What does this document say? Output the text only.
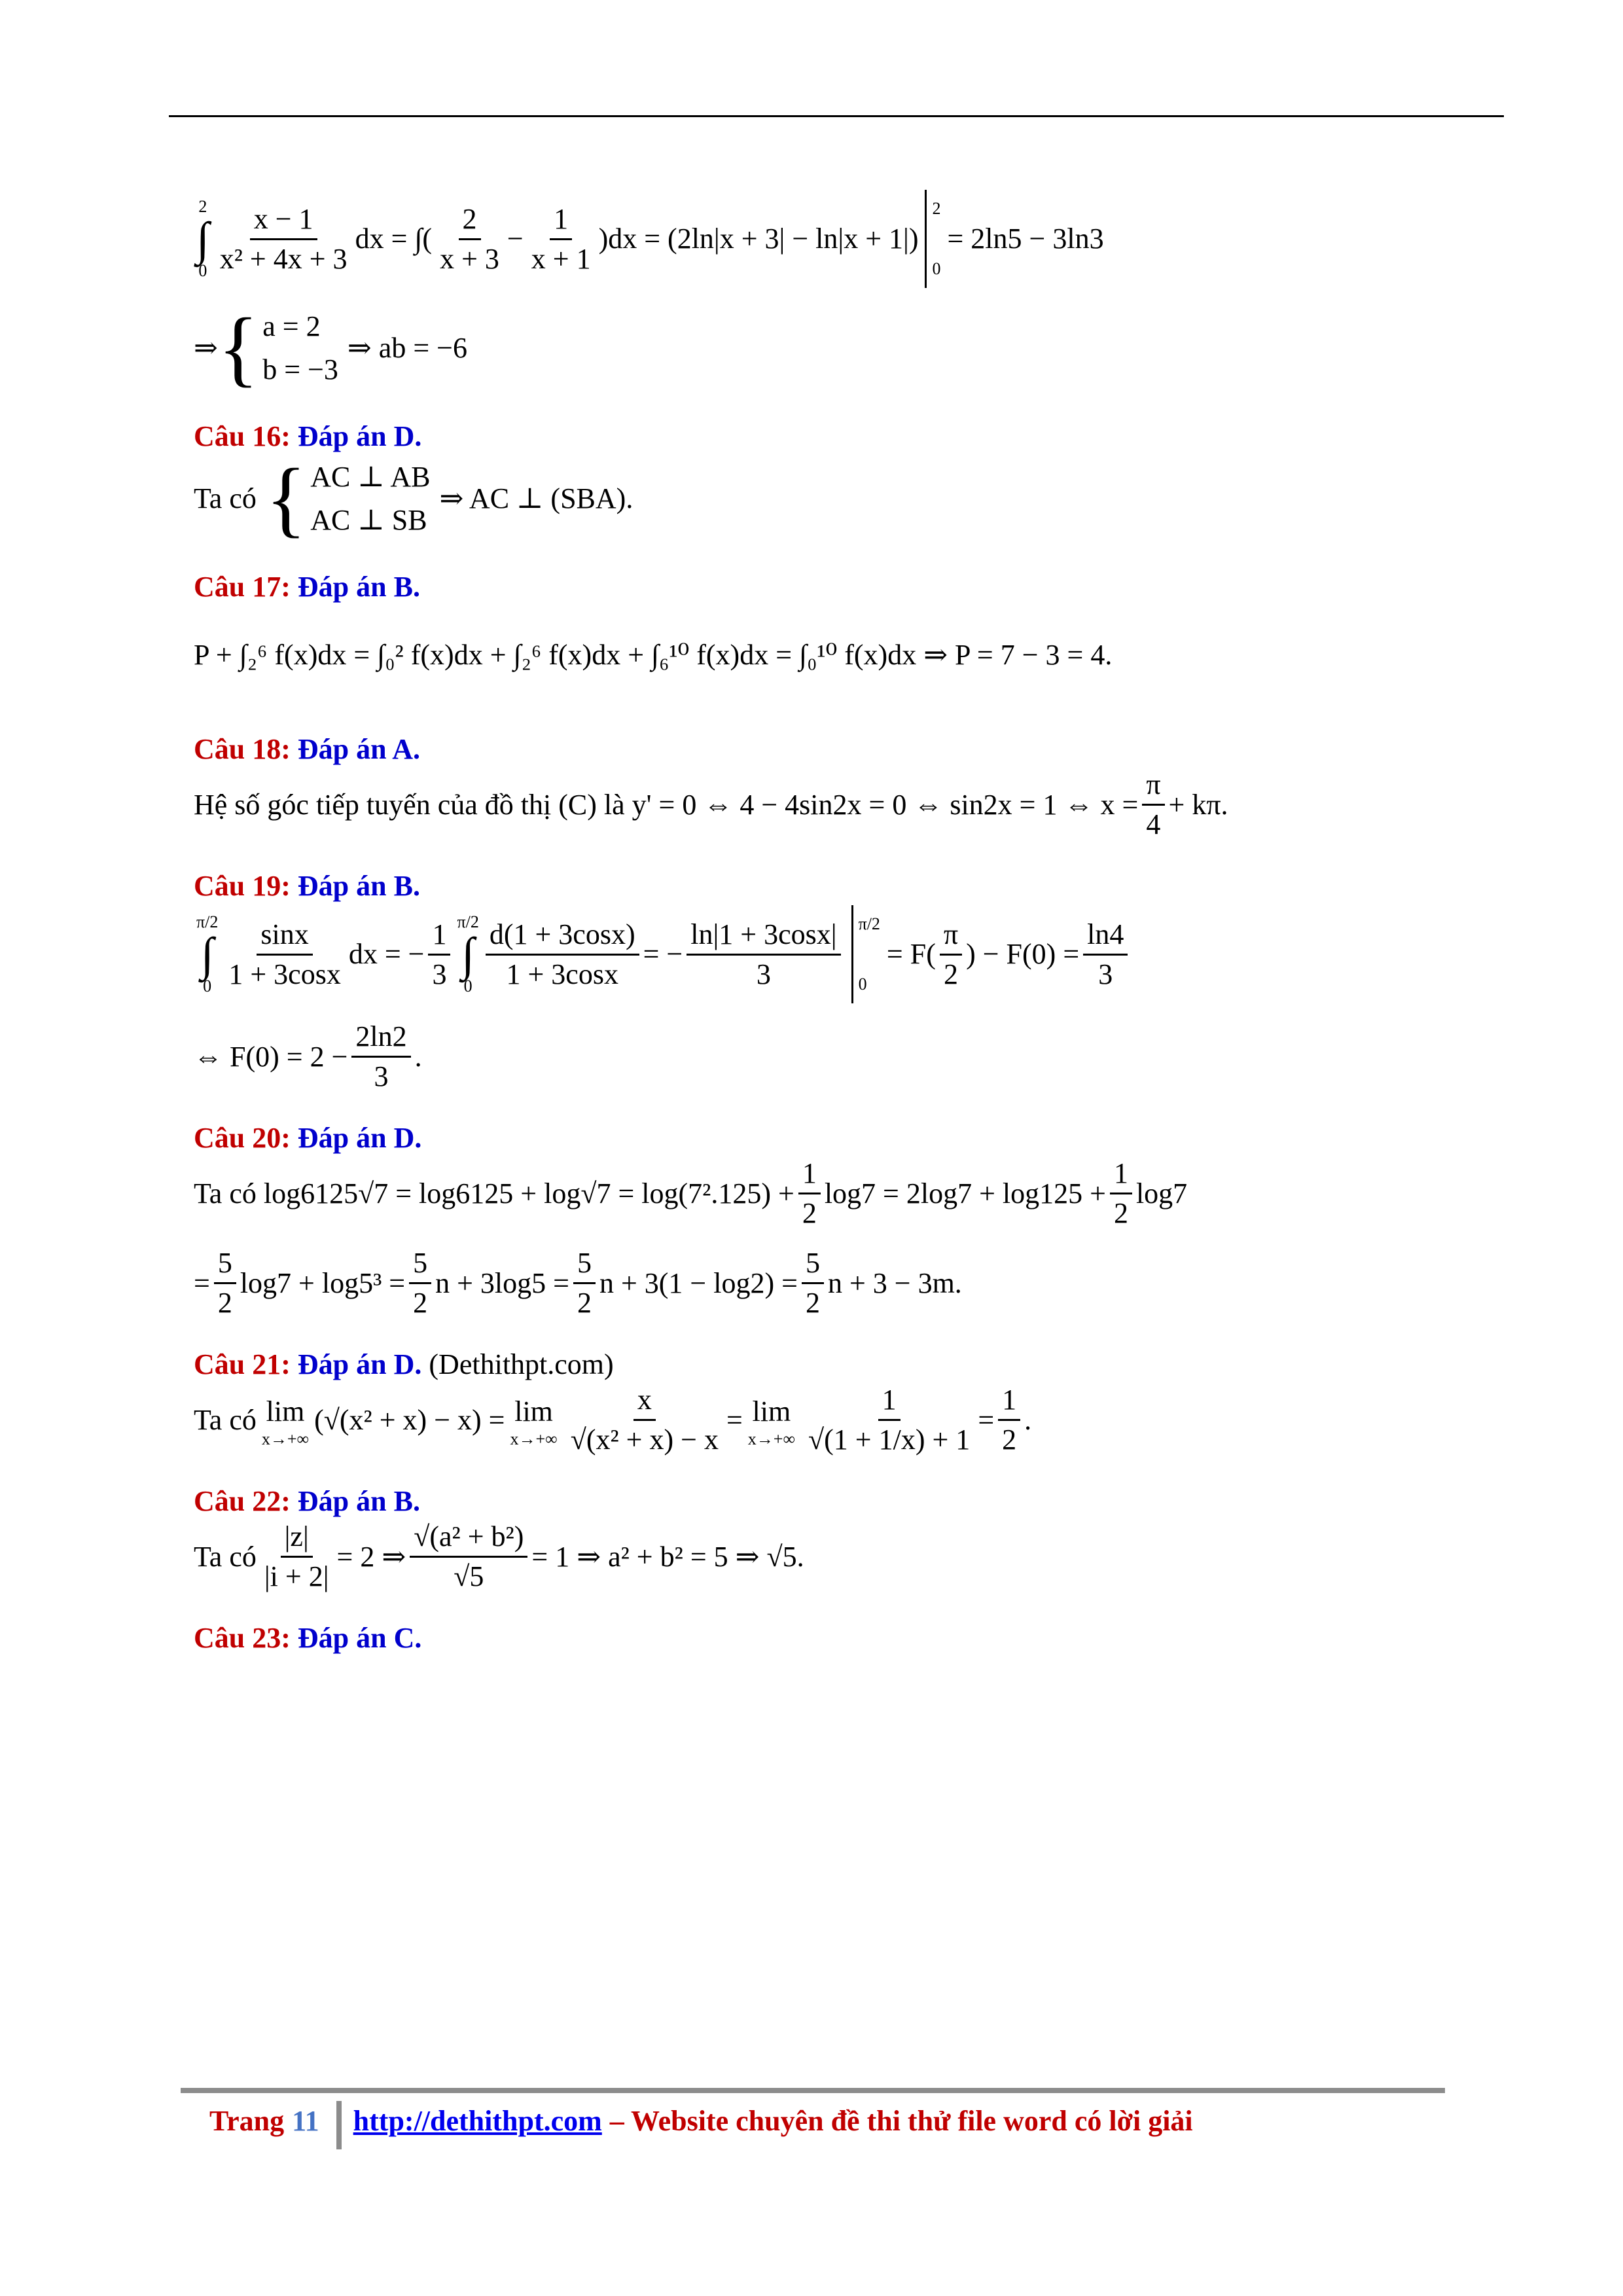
2
∫
$0 \frac{x - 1}{\text{x² + 4x + 3}}$ dx = ∫( $\frac{2}{x + 3} - \frac{1}{x + 1} )dx = (2\ln|x + 3| - \ln|x + 1|)$
2
0
= 2ln5 − 3ln3
⇒ { a = 2
b = −3
⇒ ab = −6

Câu 16: Đáp án D.

Ta có { AC ⊥ AB
AC ⊥ SB
⇒ AC ⊥ (SBA).

Câu 17: Đáp án B.

P + ∫₂⁶ f(x)dx = ∫₀² f(x)dx + ∫₂⁶ f(x)dx + ∫₆¹⁰ f(x)dx = ∫₀¹⁰ f(x)dx ⇒ P = 7 − 3 = 4.

Câu 18: Đáp án A.

Hệ số góc tiếp tuyến của đồ thị (C) là
y' = 0 ⇔ 4 − 4sin2x = 0 ⇔ sin2x = 1 ⇔ $x = \frac{\pi}{4} + k\pi$.

Câu 19: Đáp án B.

π/2
∫
$0 \frac{\sin x}{1 + 3\cos x}$ dx = − $\frac{1}{3} \pi/2$
∫
$0 \frac{d(1 + 3\cos x)}{1 + 3\cos x}$ = − $\frac{\ln|1 + 3\cos x|}{3} \pi/2$
0
= $F( \frac{\pi}{2}$ ) − $F(0) = \frac{\ln 4}{3}$
⇔ $F(0) = 2 - \frac{2\ln 2}{3}$ .

Câu 20: Đáp án D.

Ta có $\log 6125√7 = \log 6125 + \log√7 = \log(7^2.125) + \frac{1}{2} \log 7 = 2\log 7 + \log 125 + \frac{1}{2} \log 7$
= $\frac{5}{2} \log 7 + \log 5^3 = \frac{5}{2}$ $n + 3\log 5 = \frac{5}{2}$ $n + 3(1 - \log 2) = \frac{5}{2}$ n + 3 − 3m.

Câu 21: Đáp án D. (Dethithpt.com)

Ta có lim
x→+∞
(√(x² + x) − x) = lim
$x\to+\infty \frac{x}{\text{√(x² + x) − x}} = \lim$
$x\to+\infty \frac{1}{√(1 + 1/x) + 1} = \frac{1}{2}$ .

Câu 22: Đáp án B.

Ta có $\frac{|z|}{|i + 2|} = 2$ ⇒ $\frac{\text{√(a² + b²)}}{√5} = 1$ ⇒ a² + b² = 5 ⇒ √5.

Câu 23: Đáp án C.

Trang 11 http://dethithpt.com – Website chuyên đề thi thử file word có lời giải
